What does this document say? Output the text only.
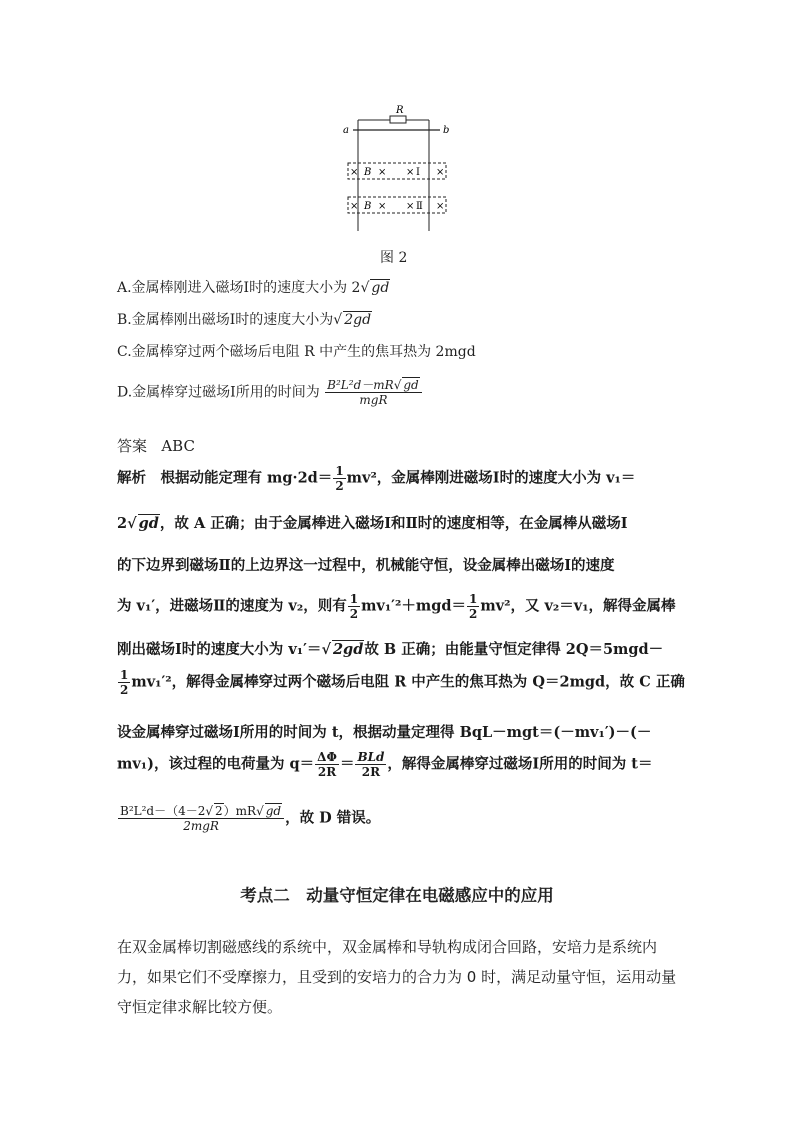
R
a	b
× B × × Ⅰ ×
× B × × Ⅱ ×
图 2
A.金属棒刚进入磁场Ⅰ时的速度大小为 2√ gd
B.金属棒刚出磁场Ⅰ时的速度大小为√ 2gd
C.金属棒穿过两个磁场后电阻 R 中产生的焦耳热为 2mgd
D.金属棒穿过磁场Ⅰ所用的时间为 $\frac{\text{B²L²d－mR√ gd}}{\text{mgR}}$
答案 ABC
解析　根据动能定理有 $mg\cdot 2d= \frac{1}{2} mv^2$，金属棒刚进磁场Ⅰ时的速度大小为 v₁＝
2√ gd，故 A 正确；由于金属棒进入磁场Ⅰ和Ⅱ时的速度相等，在金属棒从磁场Ⅰ
的下边界到磁场Ⅱ的上边界这一过程中，机械能守恒，设金属棒出磁场Ⅰ的速度
为 v₁′，进磁场Ⅱ的速度为 v₂，则有 $\frac{1}{2} mv_1'^2+mgd= \frac{1}{2} mv^2$，又 v₂＝v₁，解得金属棒
刚出磁场Ⅰ时的速度大小为 v₁′＝√ 2gd故 B 正确；由能量守恒定律得 2Q＝5mgd－
$\frac{1}{2} mv_1'^2$，解得金属棒穿过两个磁场后电阻 R 中产生的焦耳热为 Q＝2mgd，故 C 正确
设金属棒穿过磁场Ⅰ所用的时间为 t，根据动量定理得 BqL－mgt＝(－mv₁′)－(－
mv₁)，该过程的电荷量为 $q= \frac{\Delta\Phi}{2R} = \frac{\text{BLd}}{2R}$ ，解得金属棒穿过磁场Ⅰ所用的时间为 t＝
$\frac{\text{B²L²d－（4－2√ 2）mR√ gd}}{\text{2mgR}}$ ，故 D 错误。
考点二　动量守恒定律在电磁感应中的应用
在双金属棒切割磁感线的系统中，双金属棒和导轨构成闭合回路，安培力是系统内力，如果它们不受摩擦力，且受到的安培力的合力为 0 时，满足动量守恒，运用动量守恒定律求解比较方便。
